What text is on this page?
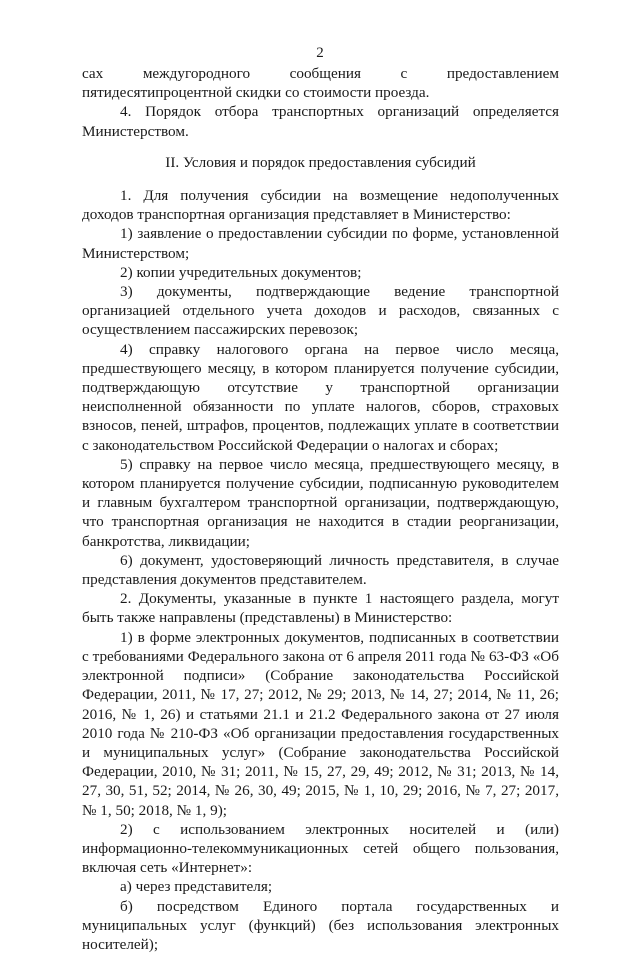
2

сах междугородного сообщения с предоставлением пятидесятипроцентной скидки со стоимости проезда.

4. Порядок отбора транспортных организаций определяется Министерством.

II. Условия и порядок предоставления субсидий

1. Для получения субсидии на возмещение недополученных доходов транспортная организация представляет в Министерство:

1) заявление о предоставлении субсидии по форме, установленной Министерством;

2) копии учредительных документов;

3) документы, подтверждающие ведение транспортной организацией отдельного учета доходов и расходов, связанных с осуществлением пассажирских перевозок;

4) справку налогового органа на первое число месяца, предшествующего месяцу, в котором планируется получение субсидии, подтверждающую отсутствие у транспортной организации неисполненной обязанности по уплате налогов, сборов, страховых взносов, пеней, штрафов, процентов, подлежащих уплате в соответствии с законодательством Российской Федерации о налогах и сборах;

5) справку на первое число месяца, предшествующего месяцу, в котором планируется получение субсидии, подписанную руководителем и главным бухгалтером транспортной организации, подтверждающую, что транспортная организация не находится в стадии реорганизации, банкротства, ликвидации;

6) документ, удостоверяющий личность представителя, в случае представления документов представителем.

2. Документы, указанные в пункте 1 настоящего раздела, могут быть также направлены (представлены) в Министерство:

1) в форме электронных документов, подписанных в соответствии с требованиями Федерального закона от 6 апреля 2011 года № 63-ФЗ «Об электронной подписи» (Собрание законодательства Российской Федерации, 2011, № 17, 27; 2012, № 29; 2013, № 14, 27; 2014, № 11, 26; 2016, № 1, 26) и статьями 21.1 и 21.2 Федерального закона от 27 июля 2010 года № 210-ФЗ «Об организации предоставления государственных и муниципальных услуг» (Собрание законодательства Российской Федерации, 2010, № 31; 2011, № 15, 27, 29, 49; 2012, № 31; 2013, № 14, 27, 30, 51, 52; 2014, № 26, 30, 49; 2015, № 1, 10, 29; 2016, № 7, 27; 2017, № 1, 50; 2018, № 1, 9);

2) с использованием электронных носителей и (или) информационно-телекоммуникационных сетей общего пользования, включая сеть «Интернет»:

а) через представителя;

б) посредством Единого портала государственных и муниципальных услуг (функций) (без использования электронных носителей);
